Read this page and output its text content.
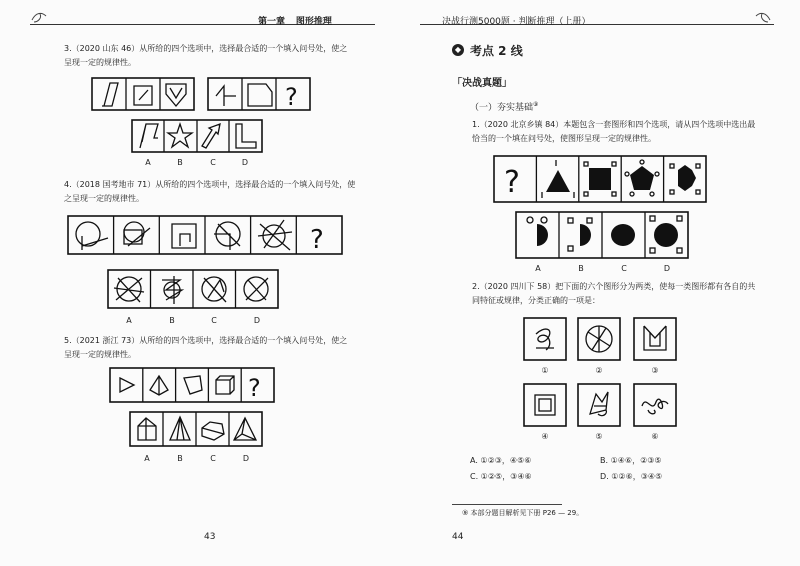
第一章 图形推理
3.（2020 山东 46）从所给的四个选项中，选择最合适的一个填入问号处，使之
呈现一定的规律性。
?
A	B	C	D
4.（2018 国考地市 71）从所给的四个选项中，选择最合适的一个填入问号处，使
之呈现一定的规律性。
?
A	B	C	D
5.（2021 浙江 73）从所给的四个选项中，选择最合适的一个填入问号处，使之
呈现一定的规律性。
?
A	B	C	D
43
决战行测5000题 · 判断推理（上册）
◆ 考点 2 线
「决战真题」
（一）夯实基础⑨
1.（2020 北京乡镇 84）本题包含一套图形和四个选项，请从四个选项中选出最
恰当的一个填在问号处，使图形呈现一定的规律性。
?
A	B	C	D
2.（2020 四川下 58）把下面的六个图形分为两类，使每一类图形都有各自的共
同特征或规律，分类正确的一项是：
①	②	③
④	⑤	⑥
A. ①②③，④⑤⑥	B. ①④⑥，②③⑤
C. ①②⑤，③④⑥	D. ①②⑥，③④⑤
⑨ 本部分题目解析见下册 P26 — 29。
44
